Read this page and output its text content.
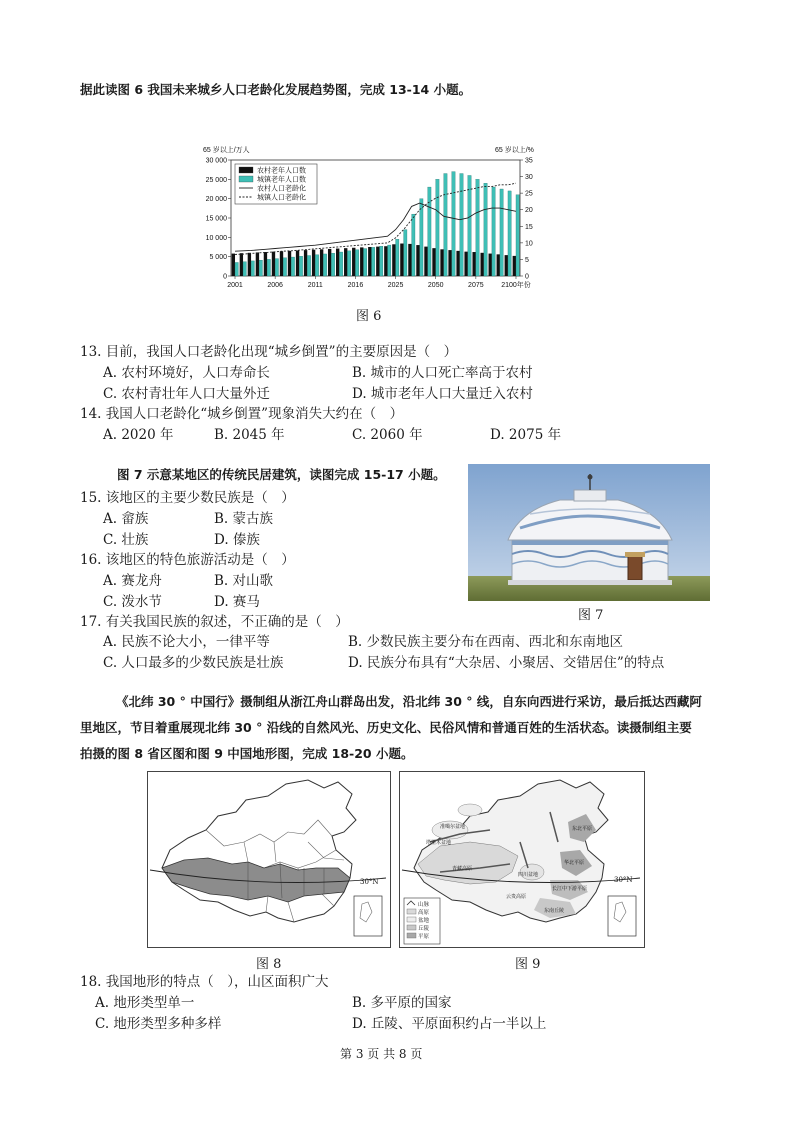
据此读图 6 我国未来城乡人口老龄化发展趋势图，完成 13-14 小题。
65 岁以上/万人	65 岁以上/%
30 000
25 000
20 000
15 000
10 000
5 000
0
35
30
25
20
15
10
5
0
2001	2006	2011	2016	2025	2050	2075	2100年份
农村老年人口数
城镇老年人口数
农村人口老龄化
城镇人口老龄化
图 6
13. 目前，我国人口老龄化出现“城乡倒置”的主要原因是（　）
A. 农村环境好，人口寿命长	B. 城市的人口死亡率高于农村
C. 农村青壮年人口大量外迁	D. 城市老年人口大量迁入农村
14. 我国人口老龄化“城乡倒置”现象消失大约在（　）
A. 2020 年	B. 2045 年	C. 2060 年	D. 2075 年
图 7 示意某地区的传统民居建筑，读图完成 15-17 小题。
15. 该地区的主要少数民族是（　）
A. 畲族	B. 蒙古族
C. 壮族	D. 傣族
16. 该地区的特色旅游活动是（　）
A. 赛龙舟	B. 对山歌
C. 泼水节	D. 赛马
图 7
17. 有关我国民族的叙述，不正确的是（　）
A. 民族不论大小，一律平等	B. 少数民族主要分布在西南、西北和东南地区
C. 人口最多的少数民族是壮族	D. 民族分布具有“大杂居、小聚居、交错居住”的特点
《北纬 30 ° 中国行》摄制组从浙江舟山群岛出发，沿北纬 30 ° 线，自东向西进行采访，最后抵达西藏阿
里地区，节目着重展现北纬 30 ° 沿线的自然风光、历史文化、民俗风情和普通百姓的生活状态。读摄制组主要
拍摄的图 8 省区图和图 9 中国地形图，完成 18-20 小题。
30°N
图 8
30°N
准噶尔盆地
塔里木盆地
青藏高原
四川盆地
东北平原
华北平原
长江中下游平原
云贵高原
东南丘陵
山脉
高原
盆地
丘陵
平原
图 9
18. 我国地形的特点（　），山区面积广大
A. 地形类型单一	B. 多平原的国家
C. 地形类型多种多样	D. 丘陵、平原面积约占一半以上
第 3 页 共 8 页
